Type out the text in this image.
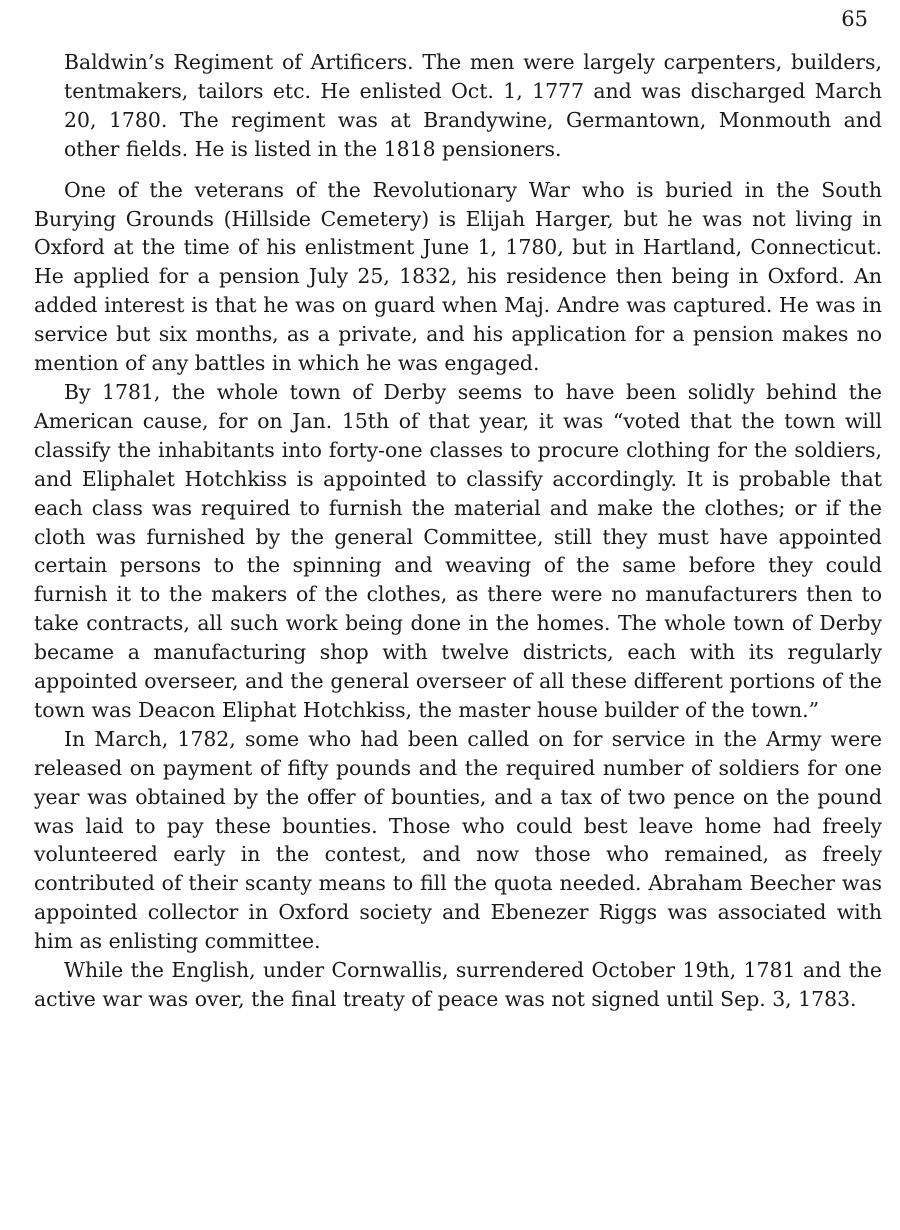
65

Baldwin’s Regiment of Artificers. The men were largely carpenters, builders, tentmakers, tailors etc. He enlisted Oct. 1, 1777 and was discharged March 20, 1780. The regiment was at Brandywine, Germantown, Monmouth and other fields. He is listed in the 1818 pensioners.

One of the veterans of the Revolutionary War who is buried in the South Burying Grounds (Hillside Cemetery) is Elijah Harger, but he was not living in Oxford at the time of his enlistment June 1, 1780, but in Hartland, Connecticut. He applied for a pension July 25, 1832, his residence then being in Oxford. An added interest is that he was on guard when Maj. Andre was captured. He was in service but six months, as a private, and his application for a pension makes no mention of any battles in which he was engaged.

By 1781, the whole town of Derby seems to have been solidly behind the American cause, for on Jan. 15th of that year, it was “voted that the town will classify the inhabitants into forty-one classes to procure clothing for the soldiers, and Eliphalet Hotchkiss is appointed to classify accordingly. It is probable that each class was required to furnish the material and make the clothes; or if the cloth was furnished by the general Committee, still they must have appointed certain persons to the spinning and weaving of the same before they could furnish it to the makers of the clothes, as there were no manufacturers then to take contracts, all such work being done in the homes. The whole town of Derby became a manufacturing shop with twelve districts, each with its regularly appointed overseer, and the general overseer of all these different portions of the town was Deacon Eliphat Hotchkiss, the master house builder of the town.”

In March, 1782, some who had been called on for service in the Army were released on payment of fifty pounds and the required number of soldiers for one year was obtained by the offer of bounties, and a tax of two pence on the pound was laid to pay these bounties. Those who could best leave home had freely volunteered early in the contest, and now those who remained, as freely contributed of their scanty means to fill the quota needed. Abraham Beecher was appointed collector in Oxford society and Ebenezer Riggs was associated with him as enlisting committee.

While the English, under Cornwallis, surrendered October 19th, 1781 and the active war was over, the final treaty of peace was not signed until Sep. 3, 1783.
